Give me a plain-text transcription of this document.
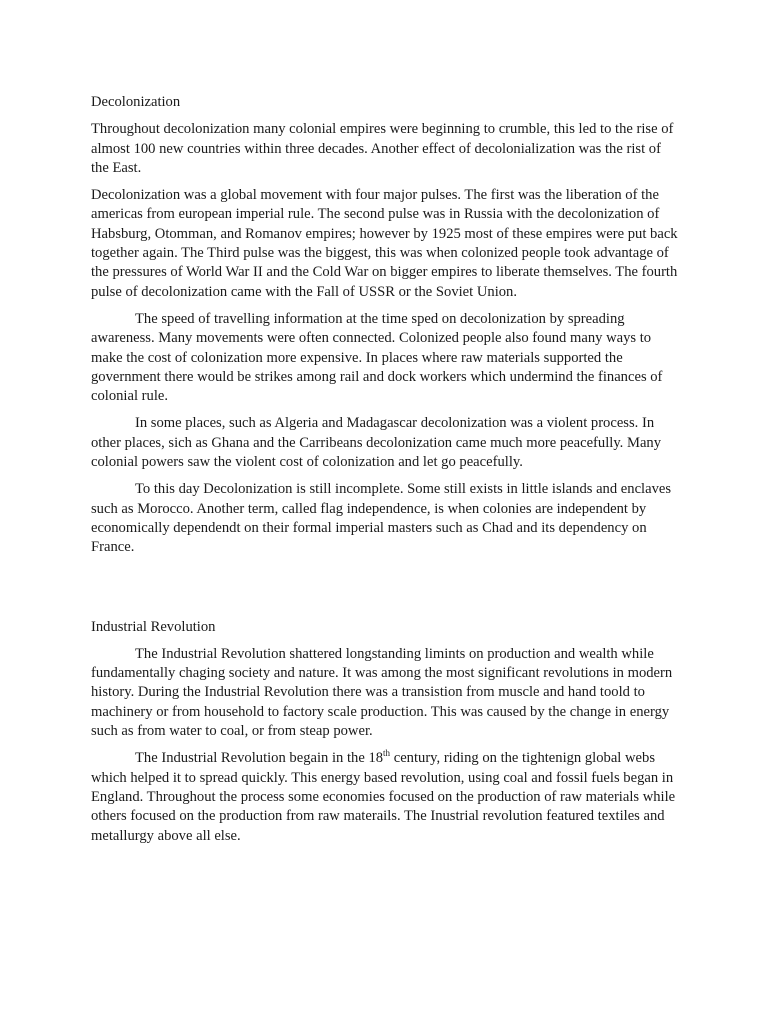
Decolonization

Throughout decolonization many colonial empires were beginning to crumble, this led to the rise of almost 100 new countries within three decades. Another effect of decolonialization was the rist of the East.

Decolonization was a global movement with four major pulses. The first was the liberation of the americas from european imperial rule. The second pulse was in Russia with the decolonization of Habsburg, Otomman, and Romanov empires; however by 1925 most of these empires were put back together again. The Third pulse was the biggest, this was when colonized people took advantage of the pressures of World War II and the Cold War on bigger empires to liberate themselves. The fourth pulse of decolonization came with the Fall of USSR or the Soviet Union.

The speed of travelling information at the time sped on decolonization by spreading awareness. Many movements were often connected. Colonized people also found many ways to make the cost of colonization more expensive. In places where raw materials supported the government there would be strikes among rail and dock workers which undermind the finances of colonial rule.

In some places, such as Algeria and Madagascar decolonization was a violent process. In other places, sich as Ghana and the Carribeans decolonization came much more peacefully. Many colonial powers saw the violent cost of colonization and let go peacefully.

To this day Decolonization is still incomplete. Some still exists in little islands and enclaves such as Morocco. Another term, called flag independence, is when colonies are independent by economically dependendt on their formal imperial masters such as Chad and its dependency on France.

Industrial Revolution

The Industrial Revolution shattered longstanding limints on production and wealth while fundamentally chaging society and nature. It was among the most significant revolutions in modern history. During the Industrial Revolution there was a transistion from muscle and hand toold to machinery or from household to factory scale production. This was caused by the change in energy such as from water to coal, or from steap power.

The Industrial Revolution begain in the 18th century, riding on the tightenign global webs which helped it to spread quickly. This energy based revolution, using coal and fossil fuels began in England. Throughout the process some economies focused on the production of raw materials while others focused on the production from raw materails. The Inustrial revolution featured textiles and metallurgy above all else.
